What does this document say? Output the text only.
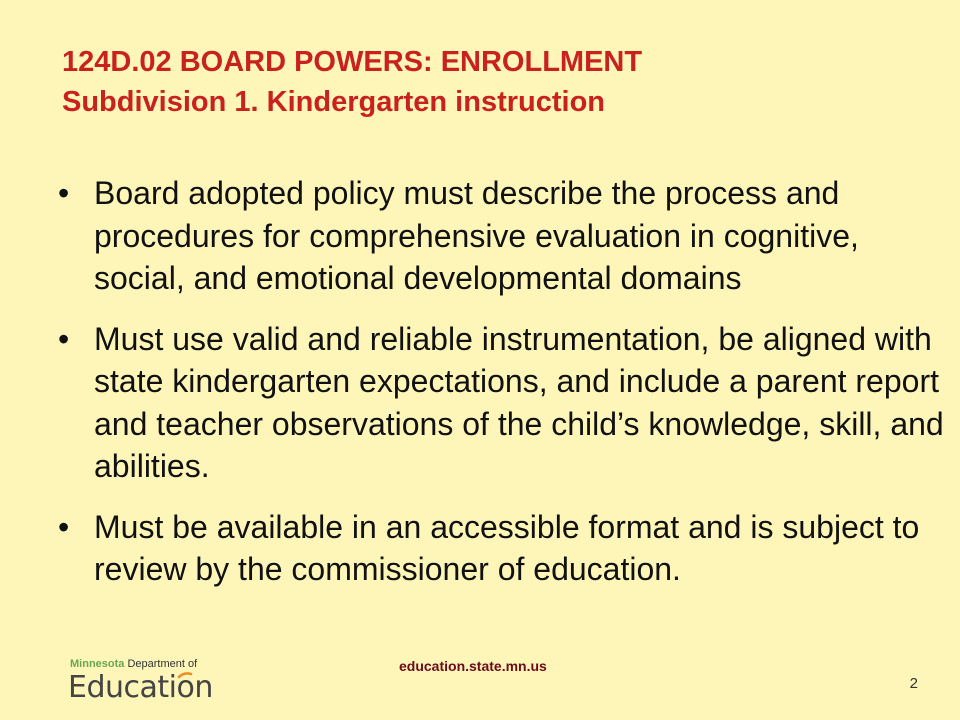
124D.02 BOARD POWERS: ENROLLMENT
Subdivision 1. Kindergarten instruction
• Board adopted policy must describe the process and procedures for comprehensive evaluation in cognitive, social, and emotional developmental domains
• Must use valid and reliable instrumentation, be aligned with state kindergarten expectations, and include a parent report and teacher observations of the child’s knowledge, skill, and abilities.
• Must be available in an accessible format and is subject to review by the commissioner of education.
Minnesota Department of
Education
education.state.mn.us
2
